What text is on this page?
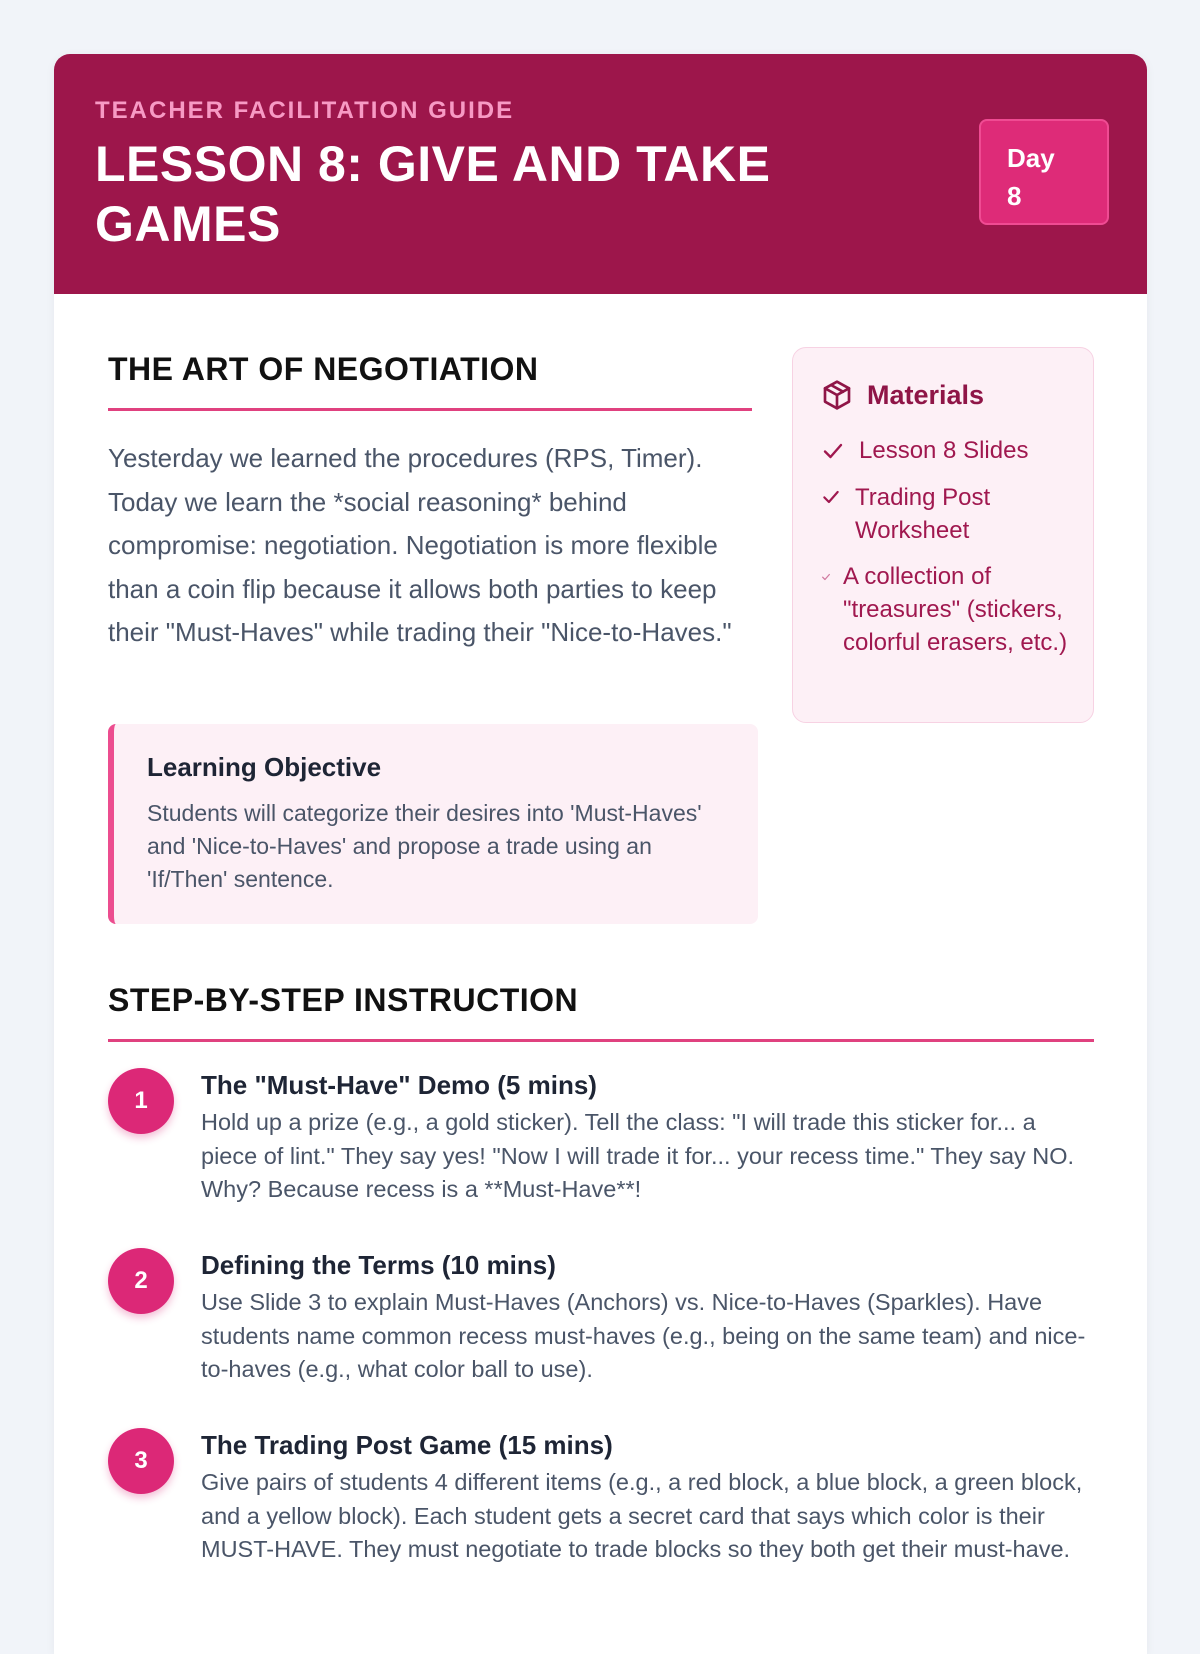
TEACHER FACILITATION GUIDE
LESSON 8: GIVE AND TAKE GAMES
Day
8
THE ART OF NEGOTIATION

Yesterday we learned the procedures (RPS, Timer). Today we learn the *social reasoning* behind compromise: negotiation. Negotiation is more flexible than a coin flip because it allows both parties to keep their "Must-Haves" while trading their "Nice-to-Haves."

Learning Objective

Students will categorize their desires into 'Must-Haves' and 'Nice-to-Haves' and propose a trade using an 'If/Then' sentence.

Materials
Lesson 8 Slides
Trading Post Worksheet
A collection of "treasures" (stickers, colorful erasers, etc.)
STEP-BY-STEP INSTRUCTION
1
The "Must-Have" Demo (5 mins)

Hold up a prize (e.g., a gold sticker). Tell the class: "I will trade this sticker for... a piece of lint." They say yes! "Now I will trade it for... your recess time." They say NO. Why? Because recess is a **Must-Have**!

2
Defining the Terms (10 mins)

Use Slide 3 to explain Must-Haves (Anchors) vs. Nice-to-Haves (Sparkles). Have students name common recess must-haves (e.g., being on the same team) and nice-to-haves (e.g., what color ball to use).

3
The Trading Post Game (15 mins)

Give pairs of students 4 different items (e.g., a red block, a blue block, a green block, and a yellow block). Each student gets a secret card that says which color is their MUST-HAVE. They must negotiate to trade blocks so they both get their must-have.
